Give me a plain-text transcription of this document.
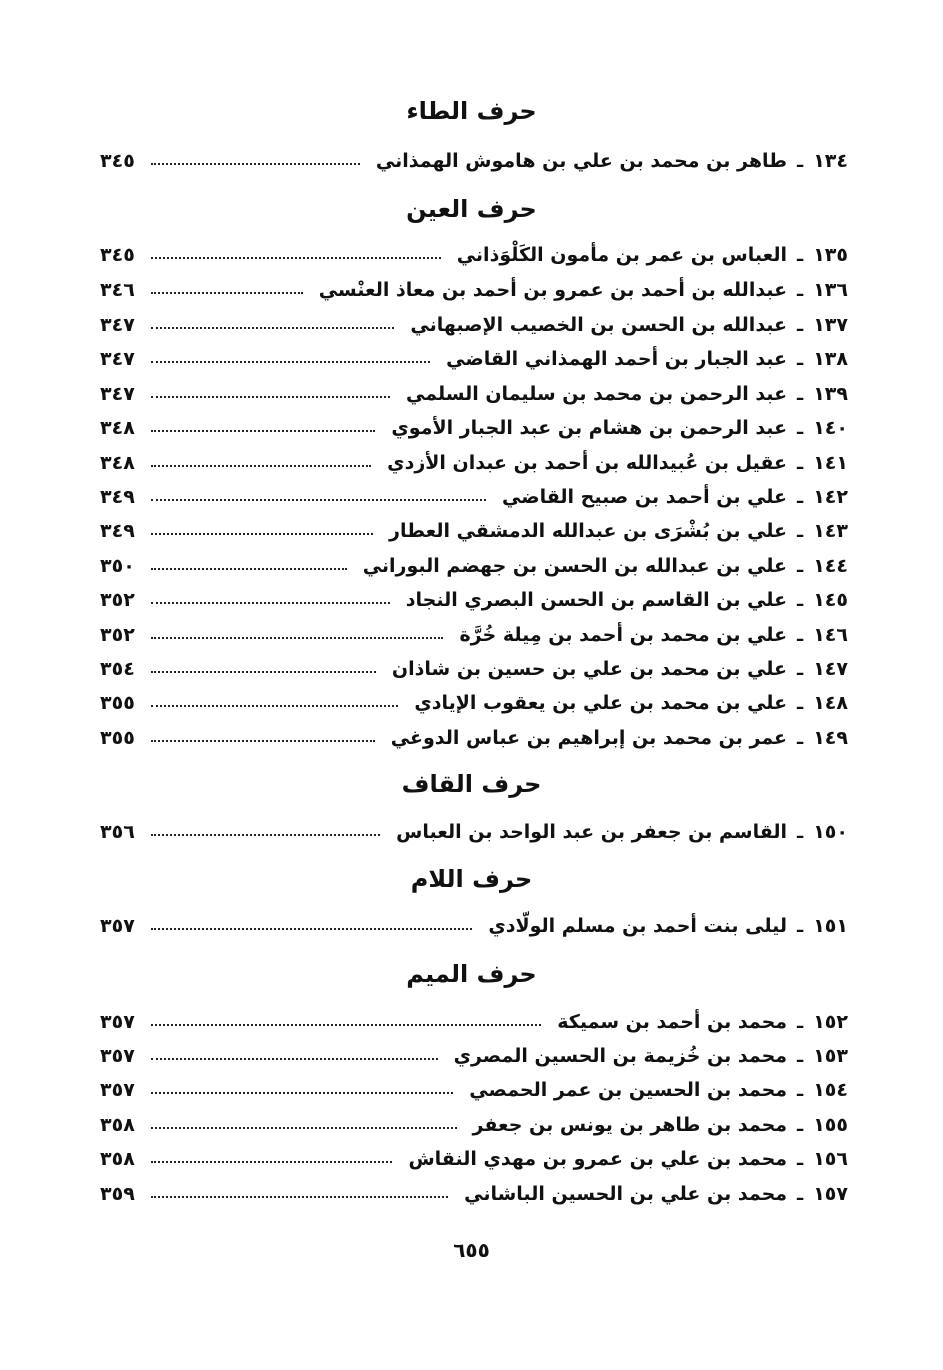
حرف الطاء
١٣٤
ـ
طاهر بن محمد بن علي بن هاموش الهمذاني
٣٤٥
حرف العين
١٣٥
ـ
العباس بن عمر بن مأمون الكَلْوَذاني
٣٤٥
١٣٦
ـ
عبدالله بن أحمد بن عمرو بن أحمد بن معاذ العنْسي
٣٤٦
١٣٧
ـ
عبدالله بن الحسن بن الخصيب الإصبهاني
٣٤٧
١٣٨
ـ
عبد الجبار بن أحمد الهمذاني القاضي
٣٤٧
١٣٩
ـ
عبد الرحمن بن محمد بن سليمان السلمي
٣٤٧
١٤٠
ـ
عبد الرحمن بن هشام بن عبد الجبار الأموي
٣٤٨
١٤١
ـ
عقيل بن عُبيدالله بن أحمد بن عبدان الأزدي
٣٤٨
١٤٢
ـ
علي بن أحمد بن صبيح القاضي
٣٤٩
١٤٣
ـ
علي بن بُشْرَى بن عبدالله الدمشقي العطار
٣٤٩
١٤٤
ـ
علي بن عبدالله بن الحسن بن جهضم البوراني
٣٥٠
١٤٥
ـ
علي بن القاسم بن الحسن البصري النجاد
٣٥٢
١٤٦
ـ
علي بن محمد بن أحمد بن مِيلة خُرَّة
٣٥٢
١٤٧
ـ
علي بن محمد بن علي بن حسين بن شاذان
٣٥٤
١٤٨
ـ
علي بن محمد بن علي بن يعقوب الإيادي
٣٥٥
١٤٩
ـ
عمر بن محمد بن إبراهيم بن عباس الدوغي
٣٥٥
حرف القاف
١٥٠
ـ
القاسم بن جعفر بن عبد الواحد بن العباس
٣٥٦
حرف اللام
١٥١
ـ
ليلى بنت أحمد بن مسلم الولّادي
٣٥٧
حرف الميم
١٥٢
ـ
محمد بن أحمد بن سميكة
٣٥٧
١٥٣
ـ
محمد بن خُزيمة بن الحسين المصري
٣٥٧
١٥٤
ـ
محمد بن الحسين بن عمر الحمصي
٣٥٧
١٥٥
ـ
محمد بن طاهر بن يونس بن جعفر
٣٥٨
١٥٦
ـ
محمد بن علي بن عمرو بن مهدي النقاش
٣٥٨
١٥٧
ـ
محمد بن علي بن الحسين الباشاني
٣٥٩
٦٥٥
